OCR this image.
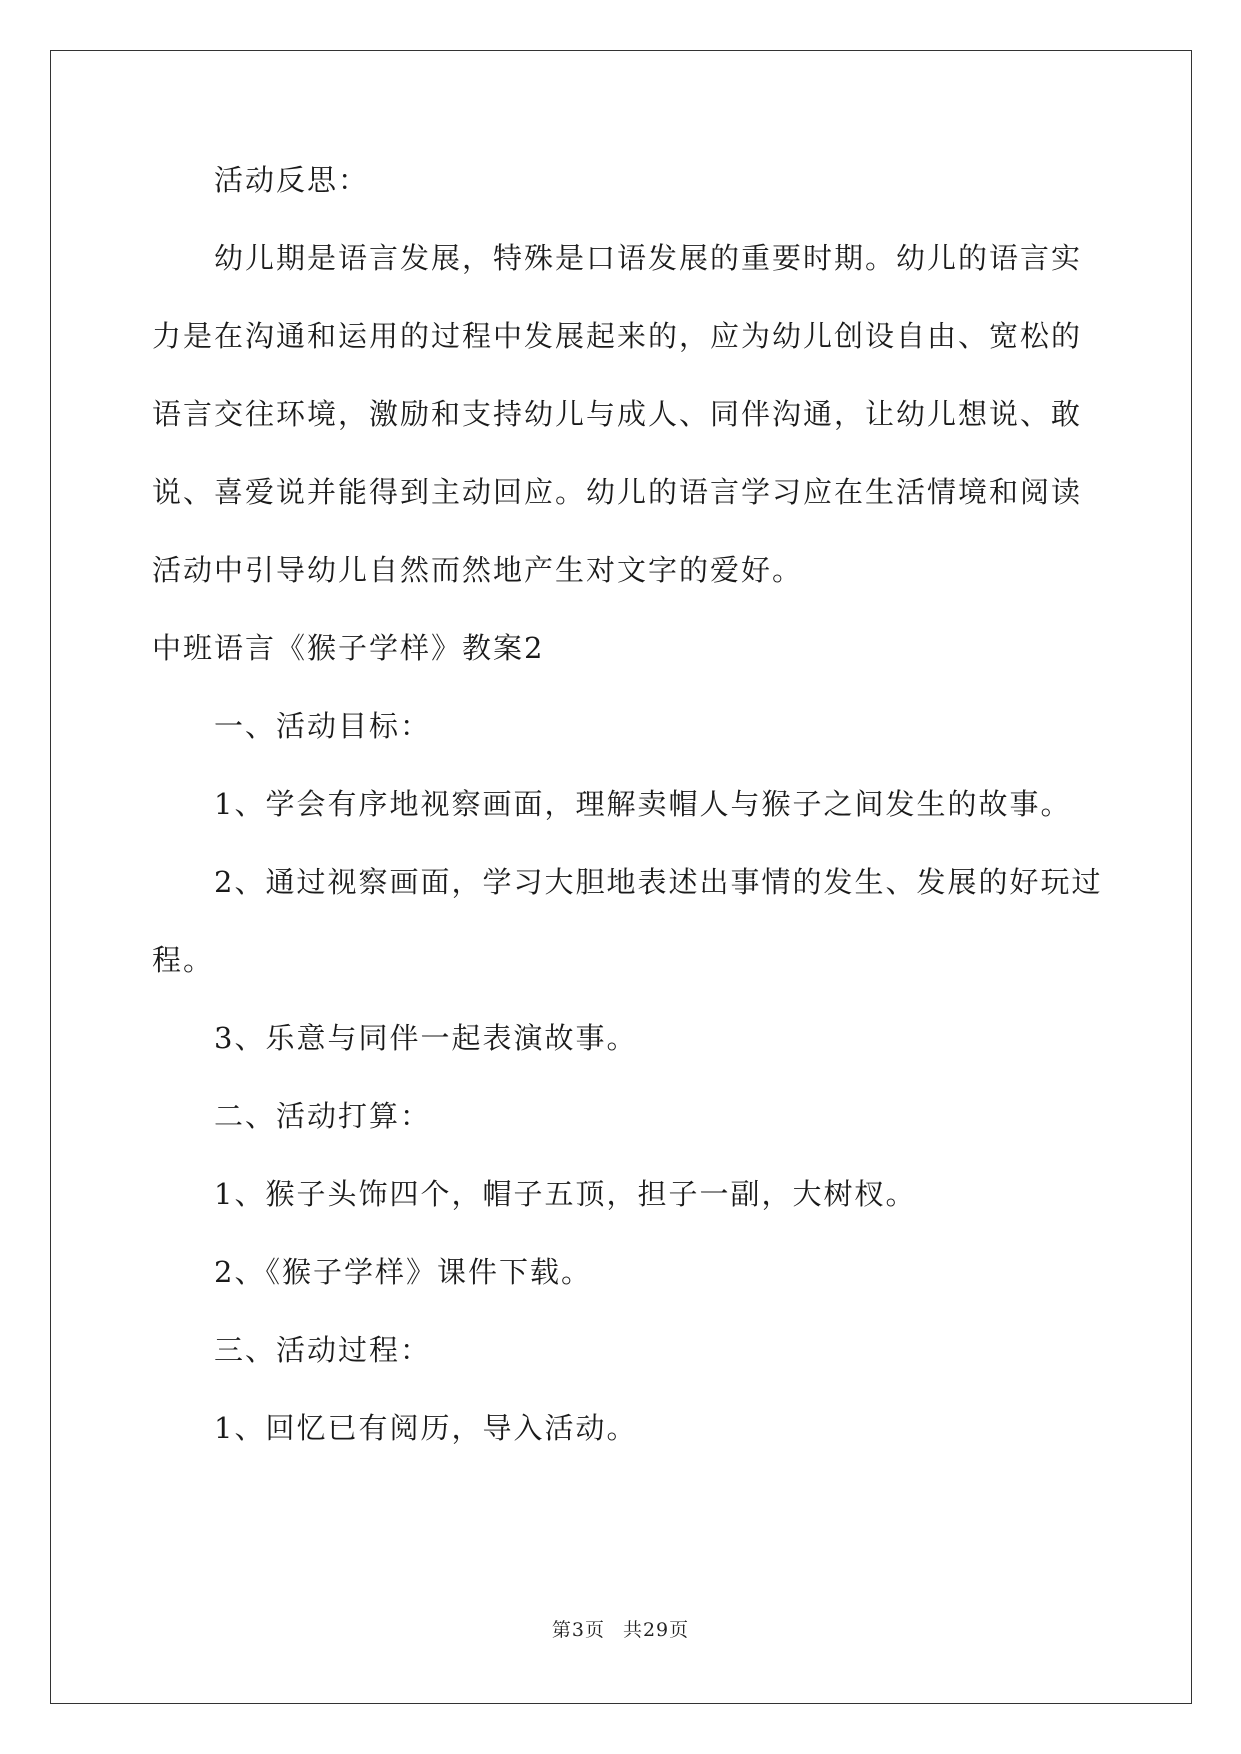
活动反思：
幼儿期是语言发展，特殊是口语发展的重要时期。幼儿的语言实
力是在沟通和运用的过程中发展起来的，应为幼儿创设自由、宽松的
语言交往环境，激励和支持幼儿与成人、同伴沟通，让幼儿想说、敢
说、喜爱说并能得到主动回应。幼儿的语言学习应在生活情境和阅读
活动中引导幼儿自然而然地产生对文字的爱好。
中班语言《猴子学样》教案2
一、活动目标：
1、学会有序地视察画面，理解卖帽人与猴子之间发生的故事。
2、通过视察画面，学习大胆地表述出事情的发生、发展的好玩过
程。
3、乐意与同伴一起表演故事。
二、活动打算：
1、猴子头饰四个，帽子五顶，担子一副，大树杈。
2、《猴子学样》课件下载。
三、活动过程：
1、回忆已有阅历，导入活动。
第3页 共29页
